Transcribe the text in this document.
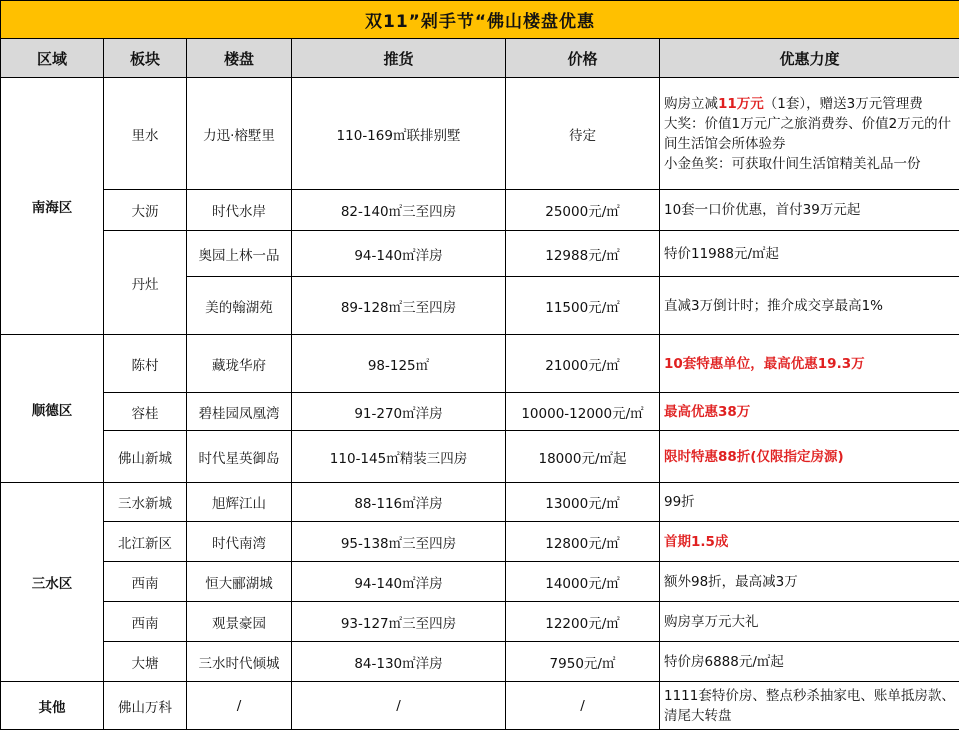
双11”剁手节“佛山楼盘优惠					
区域	板块	楼盘	推货	价格	优惠力度
南海区	里水	力迅·榕墅里	110-169㎡联排别墅	待定	购房立减11万元（1套），赠送3万元管理费
大奖：价值1万元广之旅消费券、价值2万元的什间生活馆会所体验券
小金鱼奖：可获取什间生活馆精美礼品一份
	大沥	时代水岸	82-140㎡三至四房	25000元/㎡	10套一口价优惠，首付39万元起
	丹灶	奥园上林一品	94-140㎡洋房	12988元/㎡	特价11988元/㎡起
		美的翰湖苑	89-128㎡三至四房	11500元/㎡	直减3万倒计时；推介成交享最高1%
顺德区	陈村	藏珑华府	98-125㎡	21000元/㎡	10套特惠单位，最高优惠19.3万
	容桂	碧桂园凤凰湾	91-270㎡洋房	10000-12000元/㎡	最高优惠38万
	佛山新城	时代星英御岛	110-145㎡精装三四房	18000元/㎡起	限时特惠88折(仅限指定房源)
三水区	三水新城	旭辉江山	88-116㎡洋房	13000元/㎡	99折
	北江新区	时代南湾	95-138㎡三至四房	12800元/㎡	首期1.5成
	西南	恒大郦湖城	94-140㎡洋房	14000元/㎡	额外98折，最高减3万
	西南	观景豪园	93-127㎡三至四房	12200元/㎡	购房享万元大礼
	大塘	三水时代倾城	84-130㎡洋房	7950元/㎡	特价房6888元/㎡起
其他	佛山万科	/	/	/	1111套特价房、整点秒杀抽家电、账单抵房款、清尾大转盘
